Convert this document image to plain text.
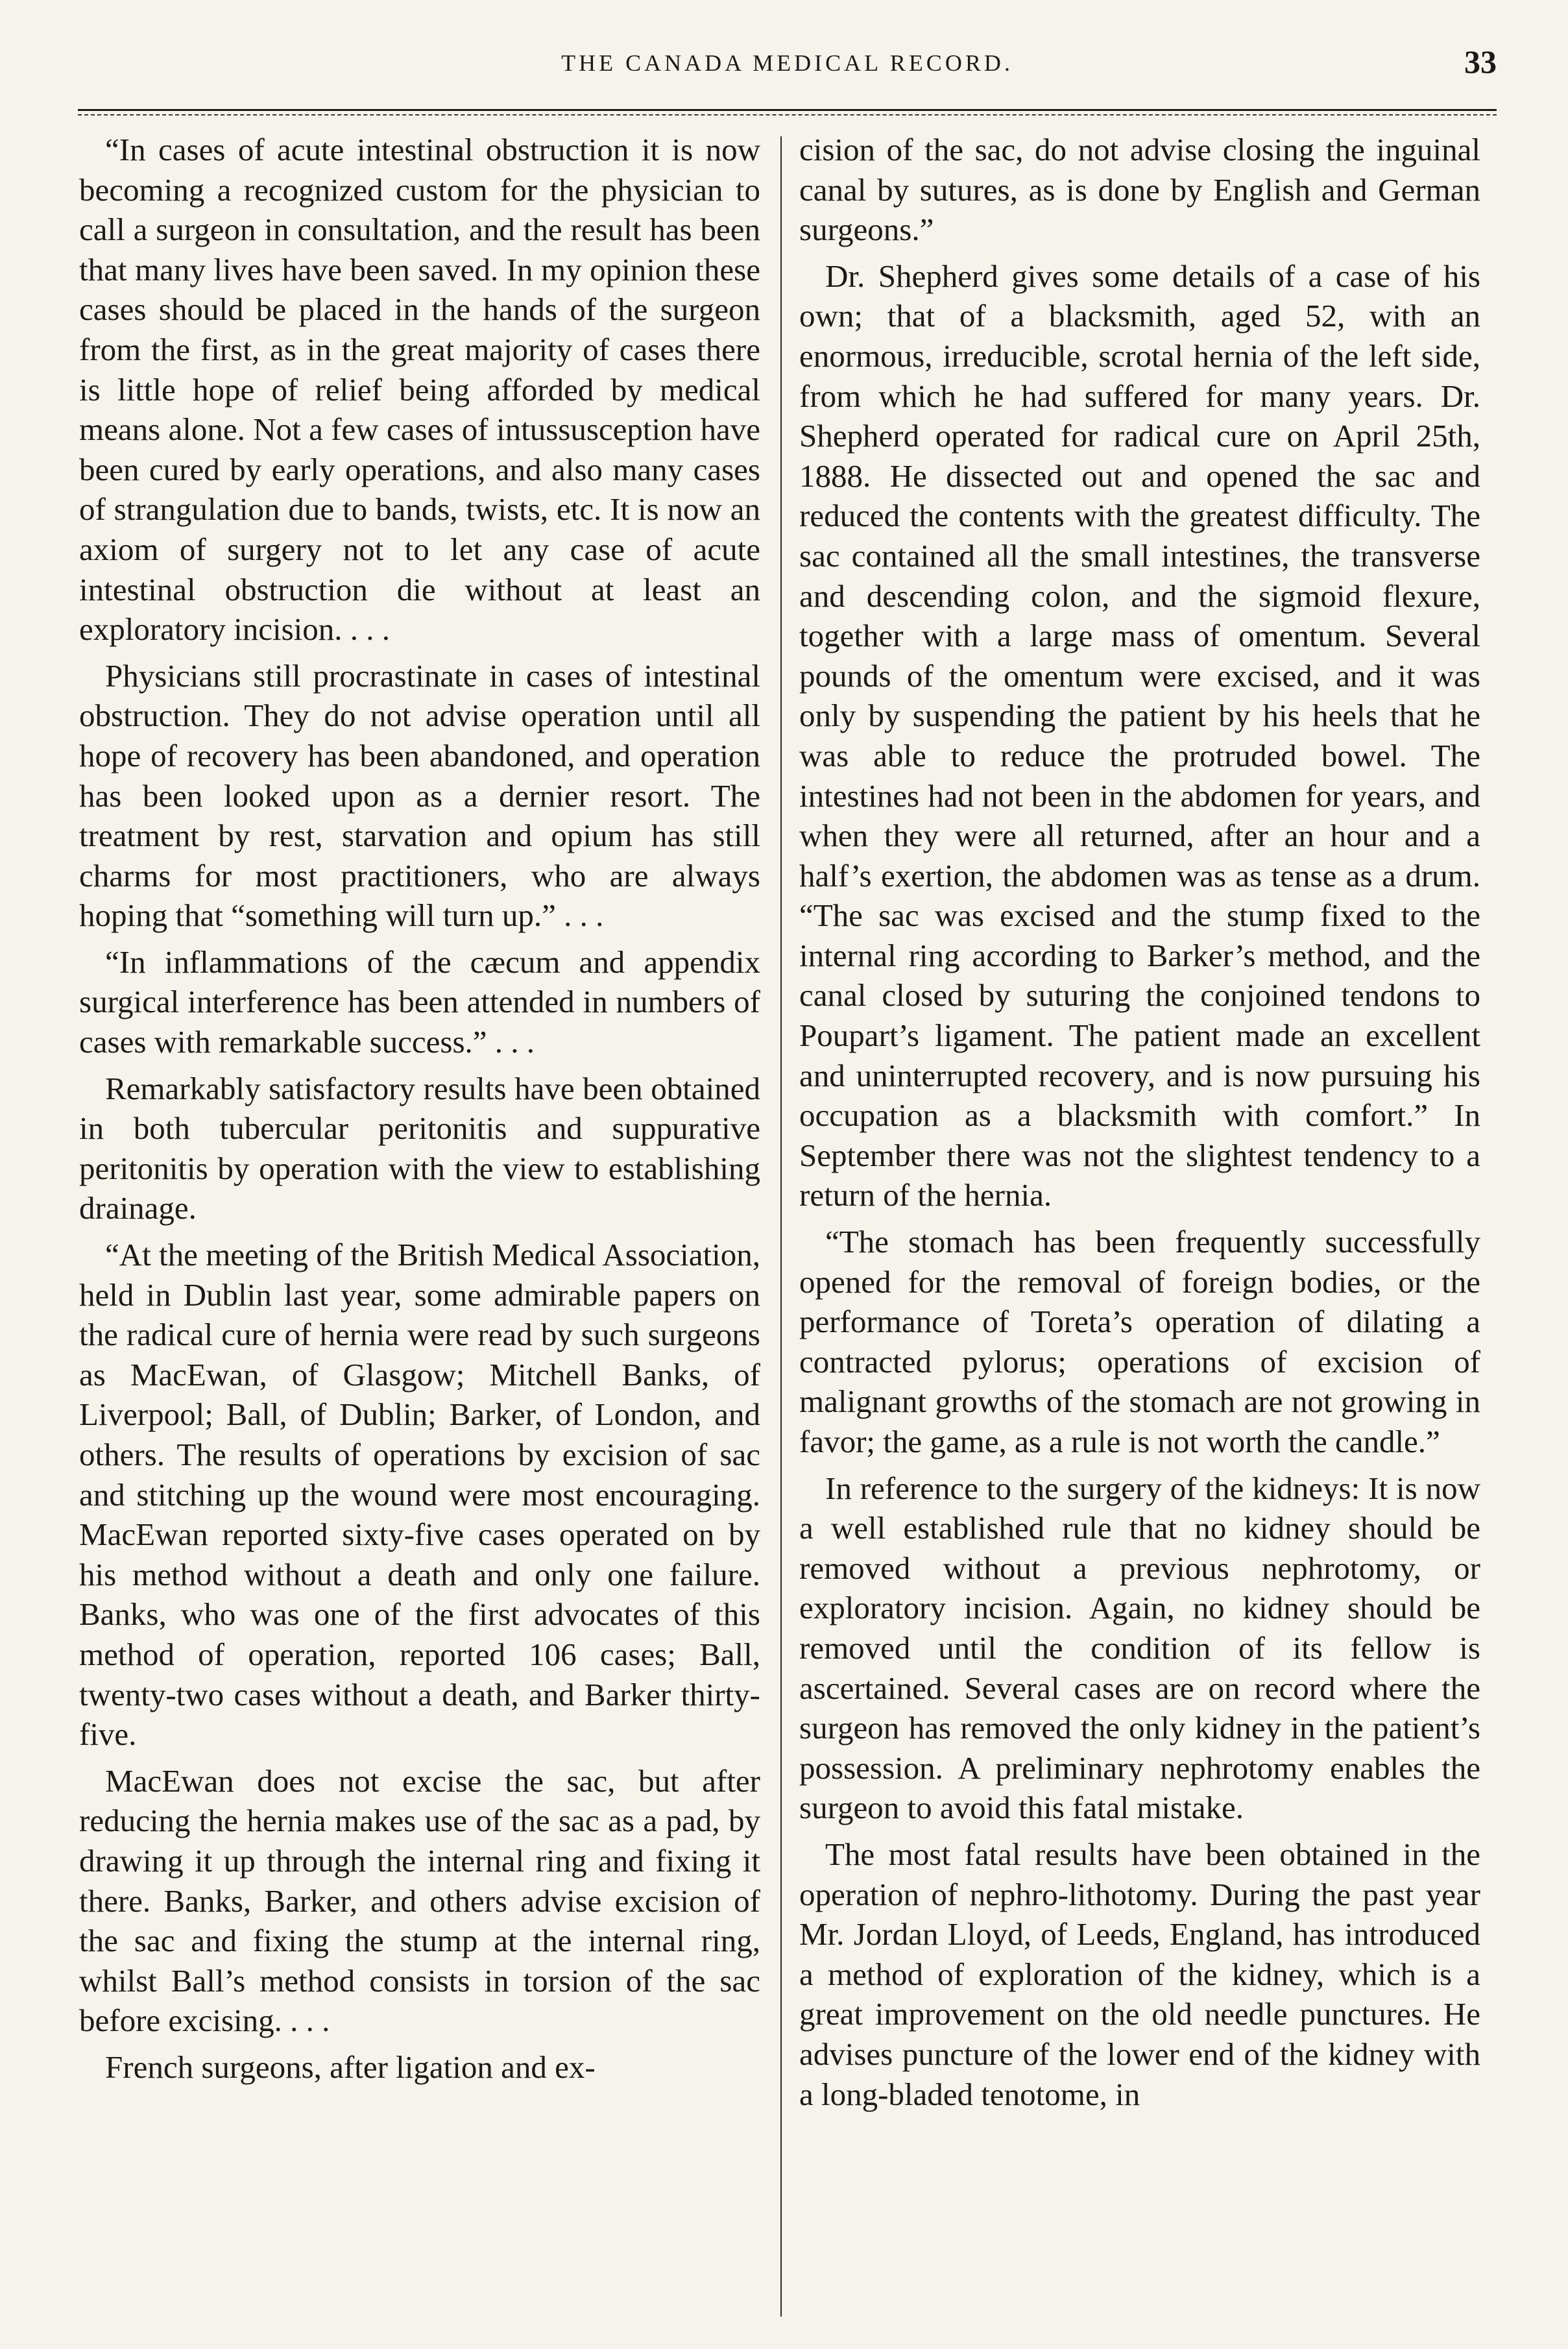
THE CANADA MEDICAL RECORD.	33

“In cases of acute intestinal obstruction it is now becoming a recognized custom for the physician to call a surgeon in consultation, and the result has been that many lives have been saved. In my opinion these cases should be placed in the hands of the surgeon from the first, as in the great majority of cases there is little hope of relief being afforded by medical means alone. Not a few cases of intussusception have been cured by early operations, and also many cases of strangulation due to bands, twists, etc. It is now an axiom of surgery not to let any case of acute intestinal obstruction die without at least an exploratory incision. . . .

Physicians still procrastinate in cases of intestinal obstruction. They do not advise operation until all hope of recovery has been abandoned, and operation has been looked upon as a dernier resort. The treatment by rest, starvation and opium has still charms for most practitioners, who are always hoping that “something will turn up.” . . .

“In inflammations of the cæcum and appendix surgical interference has been attended in numbers of cases with remarkable success.” . . .

Remarkably satisfactory results have been obtained in both tubercular peritonitis and suppurative peritonitis by operation with the view to establishing drainage.

“At the meeting of the British Medical Association, held in Dublin last year, some admirable papers on the radical cure of hernia were read by such surgeons as MacEwan, of Glasgow; Mitchell Banks, of Liverpool; Ball, of Dublin; Barker, of London, and others. The results of operations by excision of sac and stitching up the wound were most encouraging. MacEwan reported sixty-five cases operated on by his method without a death and only one failure. Banks, who was one of the first advocates of this method of operation, reported 106 cases; Ball, twenty-two cases without a death, and Barker thirty-five.

MacEwan does not excise the sac, but after reducing the hernia makes use of the sac as a pad, by drawing it up through the internal ring and fixing it there. Banks, Barker, and others advise excision of the sac and fixing the stump at the internal ring, whilst Ball’s method consists in torsion of the sac before excising. . . .

French surgeons, after ligation and ex-

cision of the sac, do not advise closing the inguinal canal by sutures, as is done by English and German surgeons.”

Dr. Shepherd gives some details of a case of his own; that of a blacksmith, aged 52, with an enormous, irreducible, scrotal hernia of the left side, from which he had suffered for many years. Dr. Shepherd operated for radical cure on April 25th, 1888. He dissected out and opened the sac and reduced the contents with the greatest difficulty. The sac contained all the small intestines, the transverse and descending colon, and the sigmoid flexure, together with a large mass of omentum. Several pounds of the omentum were excised, and it was only by suspending the patient by his heels that he was able to reduce the protruded bowel. The intestines had not been in the abdomen for years, and when they were all returned, after an hour and a half’s exertion, the abdomen was as tense as a drum. “The sac was excised and the stump fixed to the internal ring according to Barker’s method, and the canal closed by suturing the conjoined tendons to Poupart’s ligament. The patient made an excellent and uninterrupted recovery, and is now pursuing his occupation as a blacksmith with comfort.” In September there was not the slightest tendency to a return of the hernia.

“The stomach has been frequently successfully opened for the removal of foreign bodies, or the performance of Toreta’s operation of dilating a contracted pylorus; operations of excision of malignant growths of the stomach are not growing in favor; the game, as a rule is not worth the candle.”

In reference to the surgery of the kidneys: It is now a well established rule that no kidney should be removed without a previous nephrotomy, or exploratory incision. Again, no kidney should be removed until the condition of its fellow is ascertained. Several cases are on record where the surgeon has removed the only kidney in the patient’s possession. A preliminary nephrotomy enables the surgeon to avoid this fatal mistake.

The most fatal results have been obtained in the operation of nephro-lithotomy. During the past year Mr. Jordan Lloyd, of Leeds, England, has introduced a method of exploration of the kidney, which is a great improvement on the old needle punctures. He advises puncture of the lower end of the kidney with a long-bladed tenotome, in
